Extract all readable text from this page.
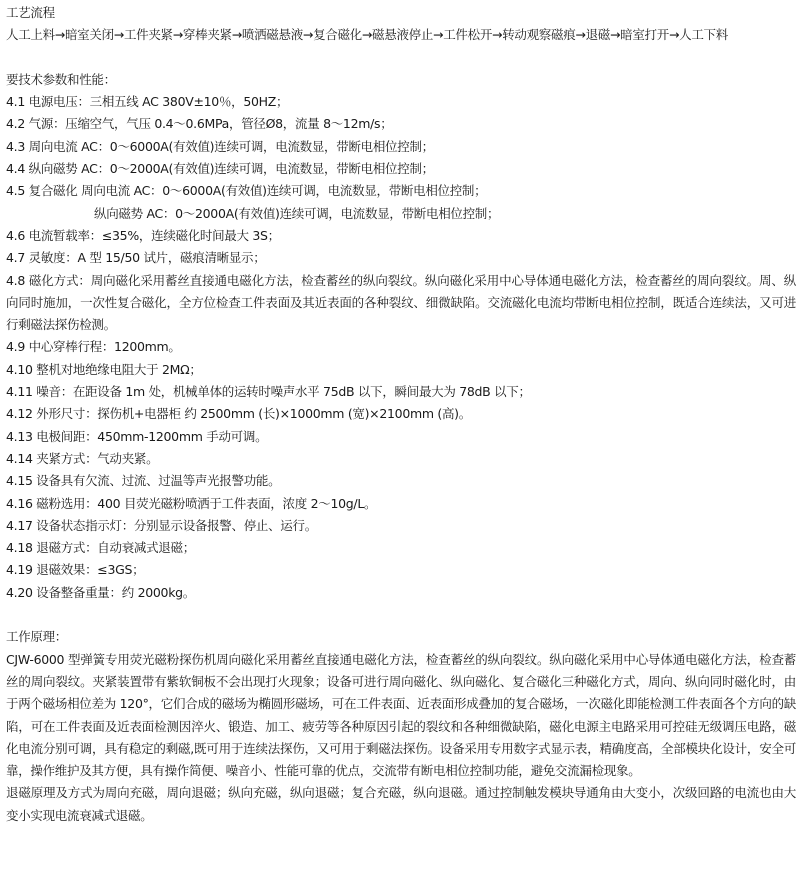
工艺流程
人工上料→暗室关闭→工件夹紧→穿棒夹紧→喷洒磁悬液→复合磁化→磁悬液停止→工件松开→转动观察磁痕→退磁→暗室打开→人工下料
要技术参数和性能：
4.1 电源电压：三相五线 AC 380V±10％，50HZ；
4.2 气源：压缩空气，气压 0.4～0.6MPa，管径Ø8，流量 8～12m/s；
4.3 周向电流 AC：0～6000A(有效值)连续可调，电流数显，带断电相位控制；
4.4 纵向磁势 AC：0～2000A(有效值)连续可调，电流数显，带断电相位控制；
4.5 复合磁化 周向电流 AC：0～6000A(有效值)连续可调，电流数显，带断电相位控制；
纵向磁势 AC：0～2000A(有效值)连续可调，电流数显，带断电相位控制；
4.6 电流暂载率：≤35%，连续磁化时间最大 3S；
4.7 灵敏度：A 型 15/50 试片，磁痕清晰显示；
4.8 磁化方式：周向磁化采用蓄丝直接通电磁化方法，检查蓄丝的纵向裂纹。纵向磁化采用中心导体通电磁化方法，检查蓄丝的周向裂纹。周、纵向同时施加，一次性复合磁化，全方位检查工件表面及其近表面的各种裂纹、细微缺陷。交流磁化电流均带断电相位控制，既适合连续法，又可进行剩磁法探伤检测。
4.9 中心穿棒行程：1200mm。
4.10 整机对地绝缘电阻大于 2MΩ；
4.11 噪音：在距设备 1m 处，机械单体的运转时噪声水平 75dB 以下，瞬间最大为 78dB 以下；
4.12 外形尺寸：探伤机+电器柜 约 2500mm (长)×1000mm (宽)×2100mm (高)。
4.13 电极间距：450mm-1200mm 手动可调。
4.14 夹紧方式：气动夹紧。
4.15 设备具有欠流、过流、过温等声光报警功能。
4.16 磁粉选用：400 目荧光磁粉喷洒于工件表面，浓度 2～10g/L。
4.17 设备状态指示灯：分别显示设备报警、停止、运行。
4.18 退磁方式：自动衰减式退磁；
4.19 退磁效果：≤3GS；
4.20 设备整备重量：约 2000kg。
工作原理：
CJW-6000 型弹簧专用荧光磁粉探伤机周向磁化采用蓄丝直接通电磁化方法，检查蓄丝的纵向裂纹。纵向磁化采用中心导体通电磁化方法，检查蓄丝的周向裂纹。夹紧装置带有紫软铜板不会出现打火现象；设备可进行周向磁化、纵向磁化、复合磁化三种磁化方式，周向、纵向同时磁化时，由于两个磁场相位差为 120°，它们合成的磁场为椭圆形磁场，可在工件表面、近表面形成叠加的复合磁场，一次磁化即能检测工件表面各个方向的缺陷，可在工件表面及近表面检测因淬火、锻造、加工、疲劳等各种原因引起的裂纹和各种细微缺陷，磁化电源主电路采用可控硅无级调压电路，磁化电流分别可调，具有稳定的剩磁,既可用于连续法探伤，又可用于剩磁法探伤。设备采用专用数字式显示表，精确度高，全部模块化设计，安全可靠，操作维护及其方便，具有操作简便、噪音小、性能可靠的优点，交流带有断电相位控制功能，避免交流漏检现象。
退磁原理及方式为周向充磁，周向退磁；纵向充磁，纵向退磁；复合充磁，纵向退磁。通过控制触发模块导通角由大变小，次级回路的电流也由大变小实现电流衰减式退磁。
